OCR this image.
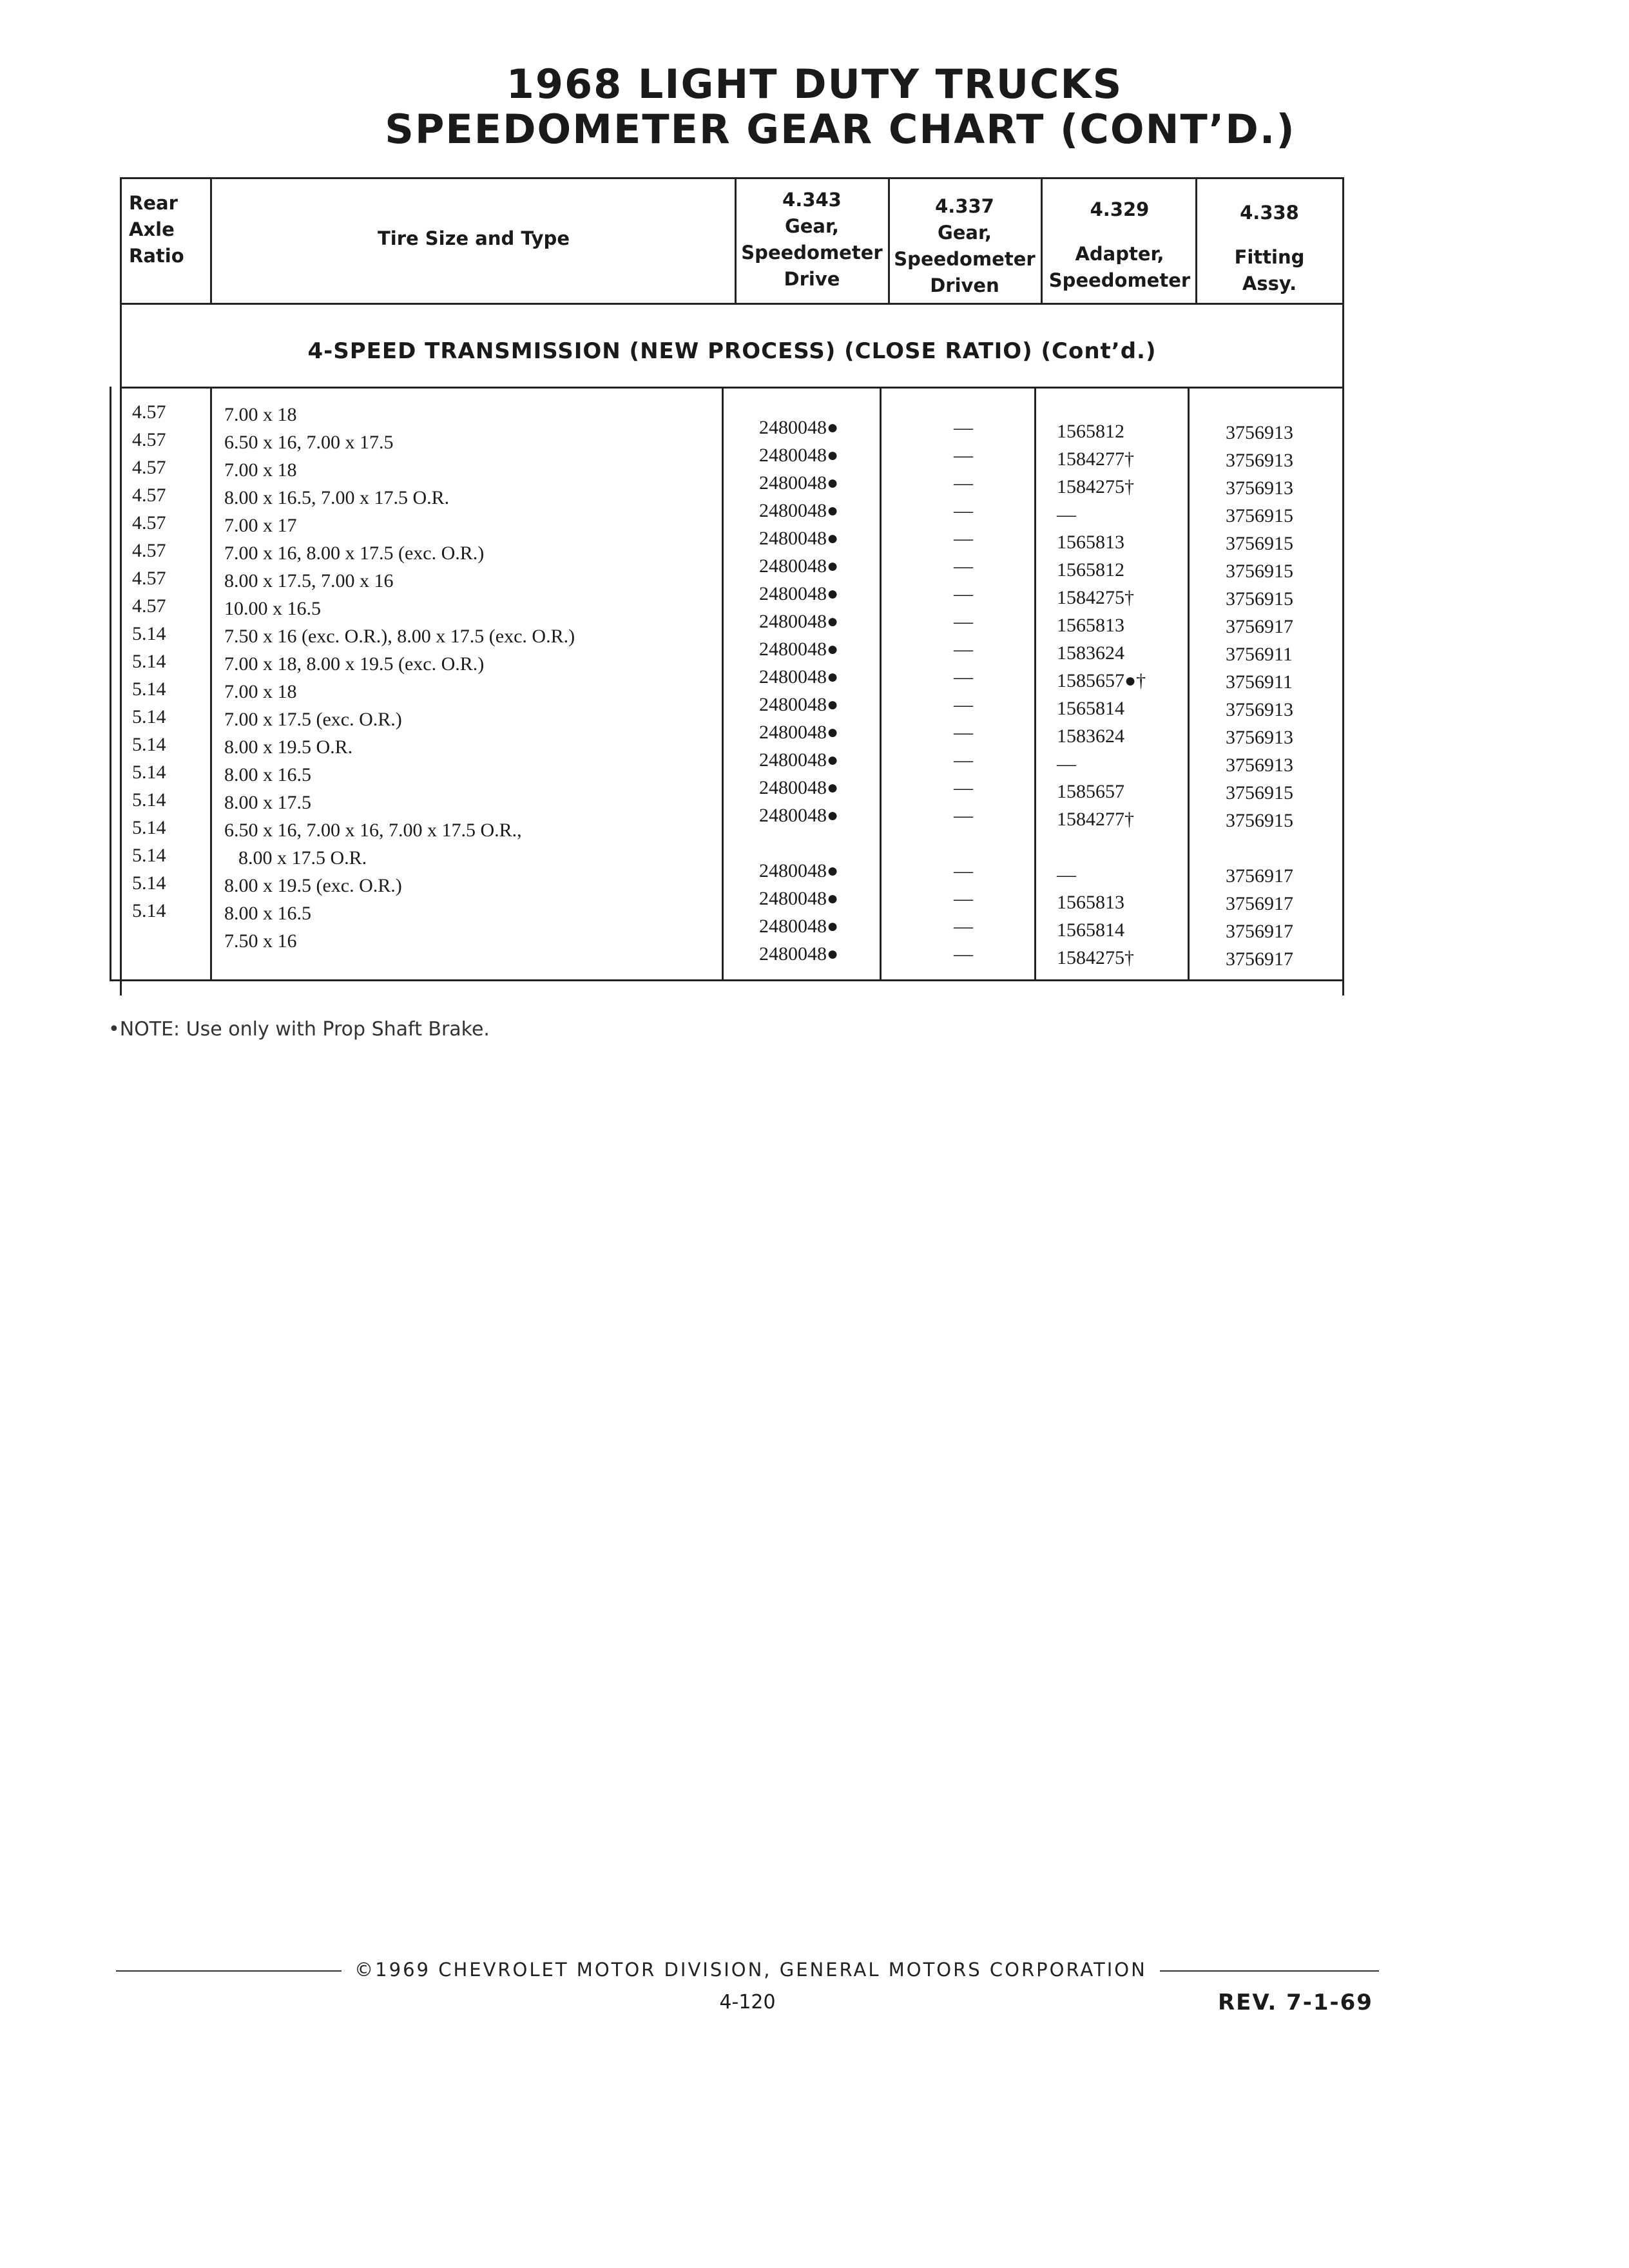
1968 LIGHT DUTY TRUCKS
SPEEDOMETER GEAR CHART (CONT’D.)
Rear
Axle
Ratio
Tire Size and Type
4.343
Gear,
Speedometer
Drive
4.337
Gear,
Speedometer
Driven
4.329
Adapter,
Speedometer
4.338
Fitting
Assy.
4-SPEED TRANSMISSION (NEW PROCESS) (CLOSE RATIO) (Cont’d.)
4.57
4.57
4.57
4.57
4.57
4.57
4.57
4.57
5.14
5.14
5.14
5.14
5.14
5.14
5.14
5.14
5.14
5.14
5.14
7.00 x 18
6.50 x 16, 7.00 x 17.5
7.00 x 18
8.00 x 16.5, 7.00 x 17.5 O.R.
7.00 x 17
7.00 x 16, 8.00 x 17.5 (exc. O.R.)
8.00 x 17.5, 7.00 x 16
10.00 x 16.5
7.50 x 16 (exc. O.R.), 8.00 x 17.5 (exc. O.R.)
7.00 x 18, 8.00 x 19.5 (exc. O.R.)
7.00 x 18
7.00 x 17.5 (exc. O.R.)
8.00 x 19.5 O.R.
8.00 x 16.5
8.00 x 17.5
6.50 x 16, 7.00 x 16, 7.00 x 17.5 O.R.,
8.00 x 17.5 O.R.
8.00 x 19.5 (exc. O.R.)
8.00 x 16.5
7.50 x 16
2480048●
2480048●
2480048●
2480048●
2480048●
2480048●
2480048●
2480048●
2480048●
2480048●
2480048●
2480048●
2480048●
2480048●
2480048●
2480048●
2480048●
2480048●
2480048●
—
—
—
—
—
—
—
—
—
—
—
—
—
—
—
—
—
—
—
1565812
1584277†
1584275†
—
1565813
1565812
1584275†
1565813
1583624
1585657●†
1565814
1583624
—
1585657
1584277†
—
1565813
1565814
1584275†
3756913
3756913
3756913
3756915
3756915
3756915
3756915
3756917
3756911
3756911
3756913
3756913
3756913
3756915
3756915
3756917
3756917
3756917
3756917
•NOTE: Use only with Prop Shaft Brake.
©1969 CHEVROLET MOTOR DIVISION, GENERAL MOTORS CORPORATION
4-120	REV. 7-1-69
